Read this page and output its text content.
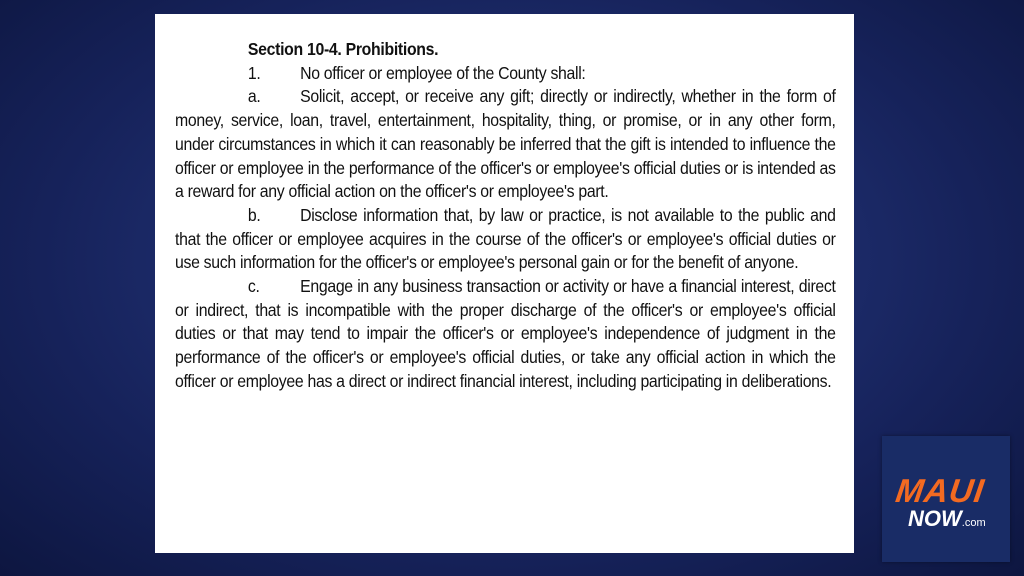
Section 10-4. Prohibitions.

1. No officer or employee of the County shall:

a. Solicit, accept, or receive any gift; directly or indirectly, whether in the form of money, service, loan, travel, entertainment, hospitality, thing, or promise, or in any other form, under circumstances in which it can reasonably be inferred that the gift is intended to influence the officer or employee in the performance of the officer's or employee's official duties or is intended as a reward for any official action on the officer's or employee's part.

b. Disclose information that, by law or practice, is not available to the public and that the officer or employee acquires in the course of the officer's or employee's official duties or use such information for the officer's or employee's personal gain or for the benefit of anyone.

c. Engage in any business transaction or activity or have a financial interest, direct or indirect, that is incompatible with the proper discharge of the officer's or employee's official duties or that may tend to impair the officer's or employee's independence of judgment in the performance of the officer's or employee's official duties, or take any official action in which the officer or employee has a direct or indirect financial interest, including participating in deliberations.

MAUI
NOW.com
